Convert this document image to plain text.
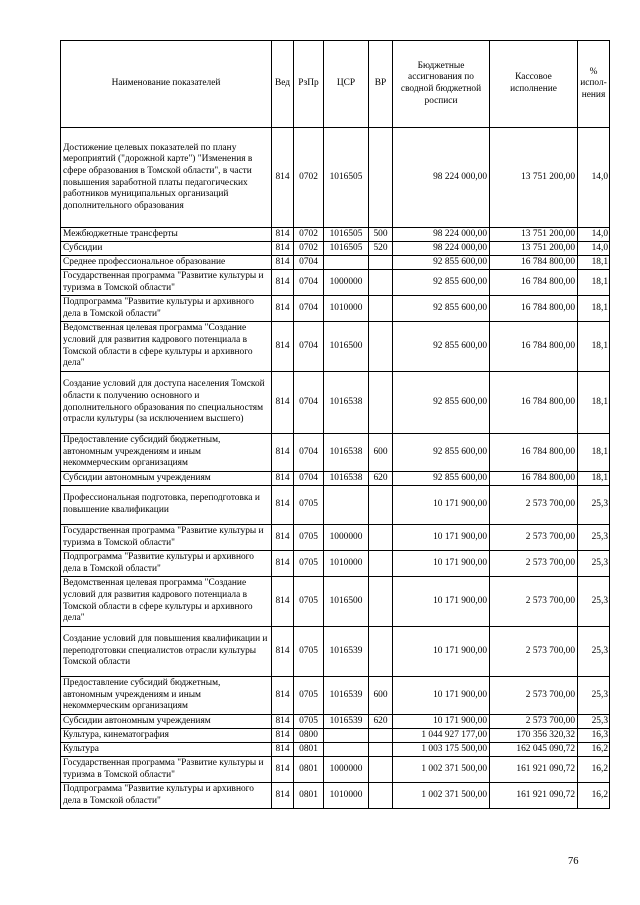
Наименование показателей	Вед	РзПр	ЦСР	ВР	Бюджетные ассигнования по сводной бюджетной росписи	Кассовое исполнение	% испол-нения
Достижение целевых показателей по плану мероприятий ("дорожной карте") "Изменения в сфере образования в Томской области", в части повышения заработной платы педагогических работников муниципальных организаций дополнительного образования	814	0702	1016505		98 224 000,00	13 751 200,00	14,0
Межбюджетные трансферты	814	0702	1016505	500	98 224 000,00	13 751 200,00	14,0
Субсидии	814	0702	1016505	520	98 224 000,00	13 751 200,00	14,0
Среднее профессиональное образование	814	0704			92 855 600,00	16 784 800,00	18,1
Государственная программа "Развитие культуры и туризма в Томской области"	814	0704	1000000		92 855 600,00	16 784 800,00	18,1
Подпрограмма "Развитие культуры и архивного дела в Томской области"	814	0704	1010000		92 855 600,00	16 784 800,00	18,1
Ведомственная целевая программа "Создание условий для развития кадрового потенциала в Томской области в сфере культуры и архивного дела"	814	0704	1016500		92 855 600,00	16 784 800,00	18,1
Создание условий для доступа населения Томской области к получению основного и дополнительного образования по специальностям отрасли культуры (за исключением высшего)	814	0704	1016538		92 855 600,00	16 784 800,00	18,1
Предоставление субсидий бюджетным, автономным учреждениям и иным некоммерческим организациям	814	0704	1016538	600	92 855 600,00	16 784 800,00	18,1
Субсидии автономным учреждениям	814	0704	1016538	620	92 855 600,00	16 784 800,00	18,1
Профессиональная подготовка, переподготовка и повышение квалификации	814	0705			10 171 900,00	2 573 700,00	25,3
Государственная программа "Развитие культуры и туризма в Томской области"	814	0705	1000000		10 171 900,00	2 573 700,00	25,3
Подпрограмма "Развитие культуры и архивного дела в Томской области"	814	0705	1010000		10 171 900,00	2 573 700,00	25,3
Ведомственная целевая программа "Создание условий для развития кадрового потенциала в Томской области в сфере культуры и архивного дела"	814	0705	1016500		10 171 900,00	2 573 700,00	25,3
Создание условий для повышения квалификации и переподготовки специалистов отрасли культуры Томской области	814	0705	1016539		10 171 900,00	2 573 700,00	25,3
Предоставление субсидий бюджетным, автономным учреждениям и иным некоммерческим организациям	814	0705	1016539	600	10 171 900,00	2 573 700,00	25,3
Субсидии автономным учреждениям	814	0705	1016539	620	10 171 900,00	2 573 700,00	25,3
Культура, кинематография	814	0800			1 044 927 177,00	170 356 320,32	16,3
Культура	814	0801			1 003 175 500,00	162 045 090,72	16,2
Государственная программа "Развитие культуры и туризма в Томской области"	814	0801	1000000		1 002 371 500,00	161 921 090,72	16,2
Подпрограмма "Развитие культуры и архивного дела в Томской области"	814	0801	1010000		1 002 371 500,00	161 921 090,72	16,2
76
